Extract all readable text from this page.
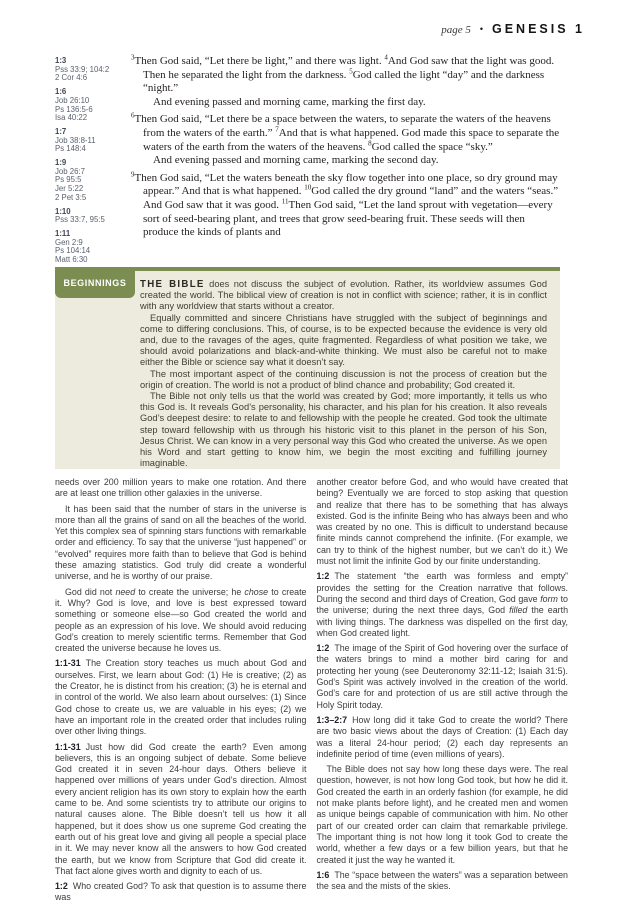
page 5 • GENESIS 1
1:3
Pss 33:9; 104:2
2 Cor 4:6
1:6
Job 26:10
Ps 136:5-6
Isa 40:22
1:7
Job 38:8-11
Ps 148:4
1:9
Job 26:7
Ps 95:5
Jer 5:22
2 Pet 3:5
1:10
Pss 33:7, 95:5
1:11
Gen 2:9
Ps 104:14
Matt 6:30

$^3$Then God said, “Let there be light,” and there was light. $^4$And God saw that the light was good. Then he separated the light from the darkness. $^5$God called the light “day” and the darkness “night.”
And evening passed and morning came, marking the first day.

$^6$Then God said, “Let there be a space between the waters, to separate the waters of the heavens from the waters of the earth.” $^7$And that is what happened. God made this space to separate the waters of the earth from the waters of the heavens. $^8$God called the space “sky.”
And evening passed and morning came, marking the second day.

$^9$Then God said, “Let the waters beneath the sky flow together into one place, so dry ground may appear.” And that is what happened. $^{10}$God called the dry ground “land” and the waters “seas.” And God saw that it was good. $^{11}$Then God said, “Let the land sprout with vegetation—every sort of seed-bearing plant, and trees that grow seed-bearing fruit. These seeds will then produce the kinds of plants and

THE BIBLE does not discuss the subject of evolution. Rather, its worldview assumes God created the world. The biblical view of creation is not in conflict with science; rather, it is in conflict with any worldview that starts without a creator.

Equally committed and sincere Christians have struggled with the subject of beginnings and come to differing conclusions. This, of course, is to be expected because the evidence is very old and, due to the ravages of the ages, quite fragmented. Regardless of what position we take, we should avoid polarizations and black-and-white thinking. We must also be careful not to make either the Bible or science say what it doesn’t say.

The most important aspect of the continuing discussion is not the process of creation but the origin of creation. The world is not a product of blind chance and probability; God created it.

The Bible not only tells us that the world was created by God; more importantly, it tells us who this God is. It reveals God’s personality, his character, and his plan for his creation. It also reveals God’s deepest desire: to relate to and fellowship with the people he created. God took the ultimate step toward fellowship with us through his historic visit to this planet in the person of his Son, Jesus Christ. We can know in a very personal way this God who created the universe. As we open his Word and start getting to know him, we begin the most exciting and fulfilling journey imaginable.

BEGINNINGS

needs over 200 million years to make one rotation. And there are at least one trillion other galaxies in the universe.

It has been said that the number of stars in the universe is more than all the grains of sand on all the beaches of the world. Yet this complex sea of spinning stars functions with remarkable order and efficiency. To say that the universe “just happened” or “evolved” requires more faith than to believe that God is behind these amazing statistics. God truly did create a wonderful universe, and he is worthy of our praise.

God did not need to create the universe; he chose to create it. Why? God is love, and love is best expressed toward something or someone else—so God created the world and people as an expression of his love. We should avoid reducing God’s creation to merely scientific terms. Remember that God created the universe because he loves us.

1:1-31 The Creation story teaches us much about God and ourselves. First, we learn about God: (1) He is creative; (2) as the Creator, he is distinct from his creation; (3) he is eternal and in control of the world. We also learn about ourselves: (1) Since God chose to create us, we are valuable in his eyes; (2) we have an important role in the created order that includes ruling over other living things.

1:1-31 Just how did God create the earth? Even among believers, this is an ongoing subject of debate. Some believe God created it in seven 24-hour days. Others believe it happened over millions of years under God’s direction. Almost every ancient religion has its own story to explain how the earth came to be. And some scientists try to attribute our origins to natural causes alone. The Bible doesn’t tell us how it all happened, but it does show us one supreme God creating the earth out of his great love and giving all people a special place in it. We may never know all the answers to how God created the earth, but we know from Scripture that God did create it. That fact alone gives worth and dignity to each of us.

1:2 Who created God? To ask that question is to assume there was

another creator before God, and who would have created that being? Eventually we are forced to stop asking that question and realize that there has to be something that has always existed. God is the infinite Being who has always been and who was created by no one. This is difficult to understand because finite minds cannot comprehend the infinite. (For example, we can try to think of the highest number, but we can’t do it.) We must not limit the infinite God by our finite understanding.

1:2 The statement “the earth was formless and empty” provides the setting for the Creation narrative that follows. During the second and third days of Creation, God gave form to the universe; during the next three days, God filled the earth with living things. The darkness was dispelled on the first day, when God created light.

1:2 The image of the Spirit of God hovering over the surface of the waters brings to mind a mother bird caring for and protecting her young (see Deuteronomy 32:11-12; Isaiah 31:5). God’s Spirit was actively involved in the creation of the world. God’s care for and protection of us are still active through the Holy Spirit today.

1:3–2:7 How long did it take God to create the world? There are two basic views about the days of Creation: (1) Each day was a literal 24-hour period; (2) each day represents an indefinite period of time (even millions of years).

The Bible does not say how long these days were. The real question, however, is not how long God took, but how he did it. God created the earth in an orderly fashion (for example, he did not make plants before light), and he created men and women as unique beings capable of communication with him. No other part of our created order can claim that remarkable privilege. The important thing is not how long it took God to create the world, whether a few days or a few billion years, but that he created it just the way he wanted it.

1:6 The “space between the waters” was a separation between the sea and the mists of the skies.
